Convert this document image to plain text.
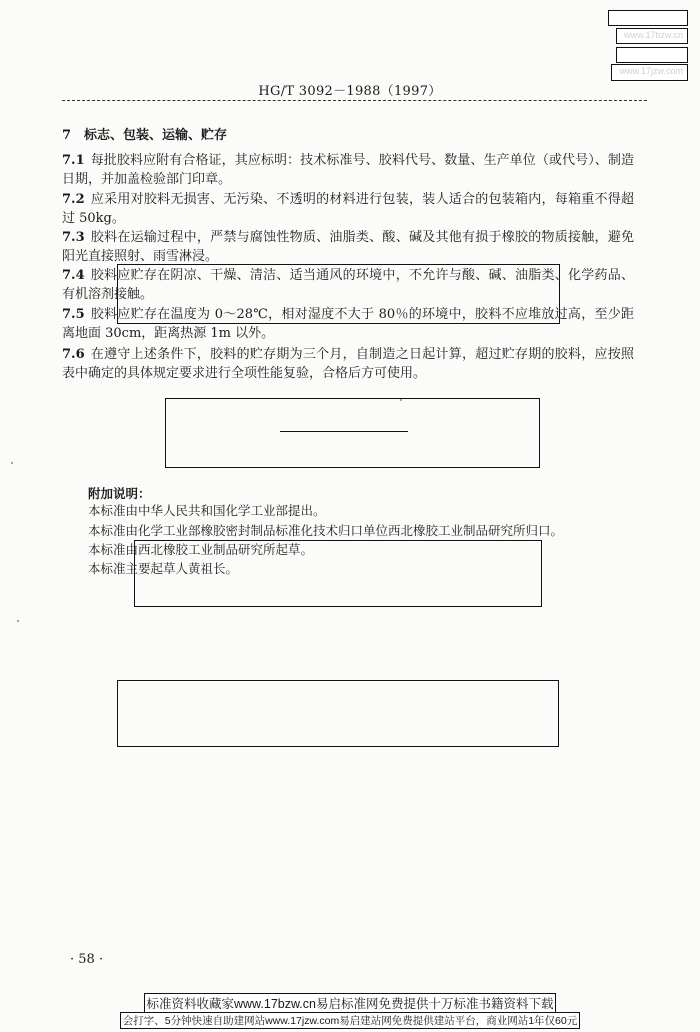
www.17bzw.cn
www.17jzw.com
HG/T 3092－1988（1997）
7　标志、包装、运输、贮存
7.1 每批胶料应附有合格证，其应标明：技术标准号、胶料代号、数量、生产单位（或代号）、制造日期，并加盖检验部门印章。
7.2 应采用对胶料无损害、无污染、不透明的材料进行包装，装人适合的包装箱内，每箱重不得超过 50kg。
7.3 胶料在运输过程中，严禁与腐蚀性物质、油脂类、酸、碱及其他有损于橡胶的物质接触，避免阳光直接照射、雨雪淋浸。
7.4 胶料应贮存在阴凉、干燥、清洁、适当通风的环境中，不允许与酸、碱、油脂类、化学药品、有机溶剂接触。
7.5 胶料应贮存在温度为 0～28℃，相对湿度不大于 80％的环境中，胶料不应堆放过高，至少距离地面 30cm，距离热源 1m 以外。
7.6 在遵守上述条件下，胶料的贮存期为三个月，自制造之日起计算，超过贮存期的胶料，应按照表中确定的具体规定要求进行全项性能复验，合格后方可使用。
附加说明：
本标准由中华人民共和国化学工业部提出。
本标准由化学工业部橡胶密封制品标准化技术归口单位西北橡胶工业制品研究所归口。
本标准由西北橡胶工业制品研究所起草。
本标准主要起草人黄祖长。
· 58 ·
标准资料收藏家www.17bzw.cn易启标准网免费提供十万标准书籍资料下载
会打字、5分钟快速自助建网站www.17jzw.com易启建站网免费提供建站平台，商业网站1年仅60元
